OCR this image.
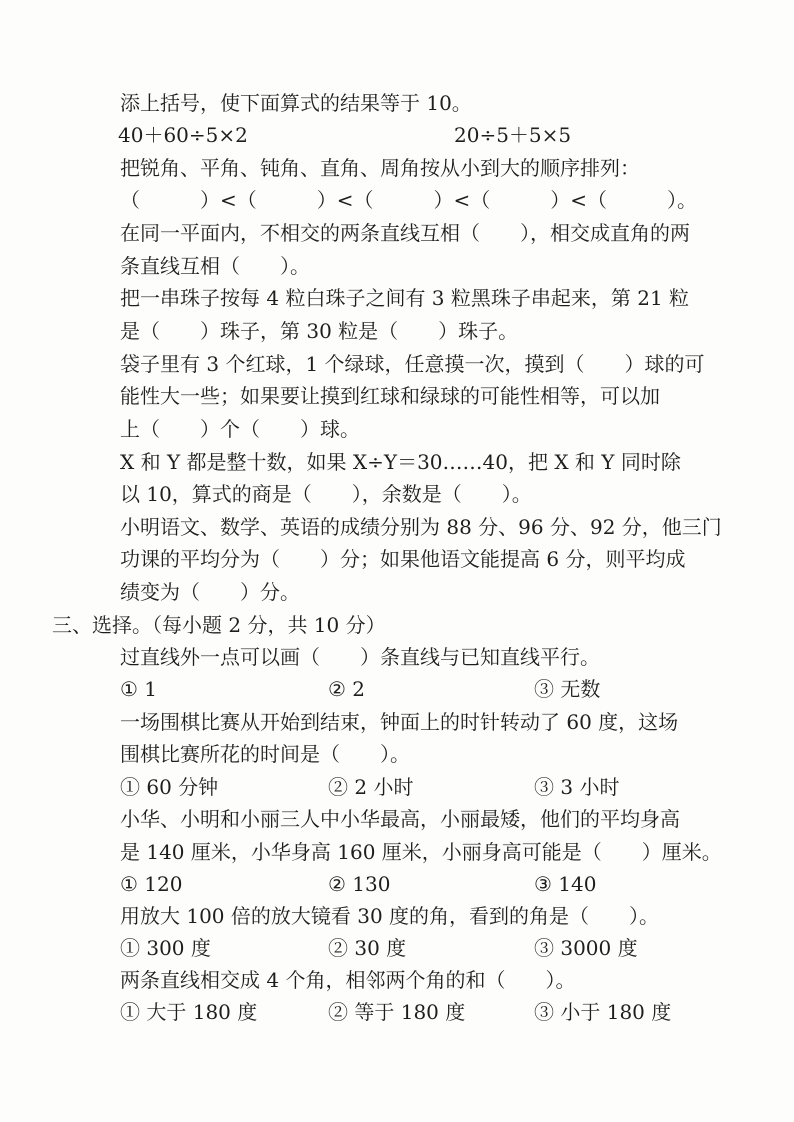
添上括号，使下面算式的结果等于 10。
40＋60÷5×2	20÷5＋5×5
把锐角、平角、钝角、直角、周角按从小到大的顺序排列：
（　　　）<（　　　）<（　　　）<（　　　）<（　　　）。
在同一平面内，不相交的两条直线互相（　　），相交成直角的两
条直线互相（　　）。
把一串珠子按每 4 粒白珠子之间有 3 粒黑珠子串起来，第 21 粒
是（　　）珠子，第 30 粒是（　　）珠子。
袋子里有 3 个红球，1 个绿球，任意摸一次，摸到（　　）球的可
能性大一些；如果要让摸到红球和绿球的可能性相等，可以加
上（　　）个（　　）球。
X 和 Y 都是整十数，如果 X÷Y＝30……40，把 X 和 Y 同时除
以 10，算式的商是（　　），余数是（　　）。
小明语文、数学、英语的成绩分别为 88 分、96 分、92 分，他三门
功课的平均分为（　　）分；如果他语文能提高 6 分，则平均成
绩变为（　　）分。
三、选择。（每小题 2 分，共 10 分）
过直线外一点可以画（　　）条直线与已知直线平行。
① 1	② 2	③ 无数
一场围棋比赛从开始到结束，钟面上的时针转动了 60 度，这场
围棋比赛所花的时间是（　　）。
① 60 分钟	② 2 小时	③ 3 小时
小华、小明和小丽三人中小华最高，小丽最矮，他们的平均身高
是 140 厘米，小华身高 160 厘米，小丽身高可能是（　　）厘米。
① 120	② 130	③ 140
用放大 100 倍的放大镜看 30 度的角，看到的角是（　　）。
① 300 度	② 30 度	③ 3000 度
两条直线相交成 4 个角，相邻两个角的和（　　）。
① 大于 180 度	② 等于 180 度	③ 小于 180 度
